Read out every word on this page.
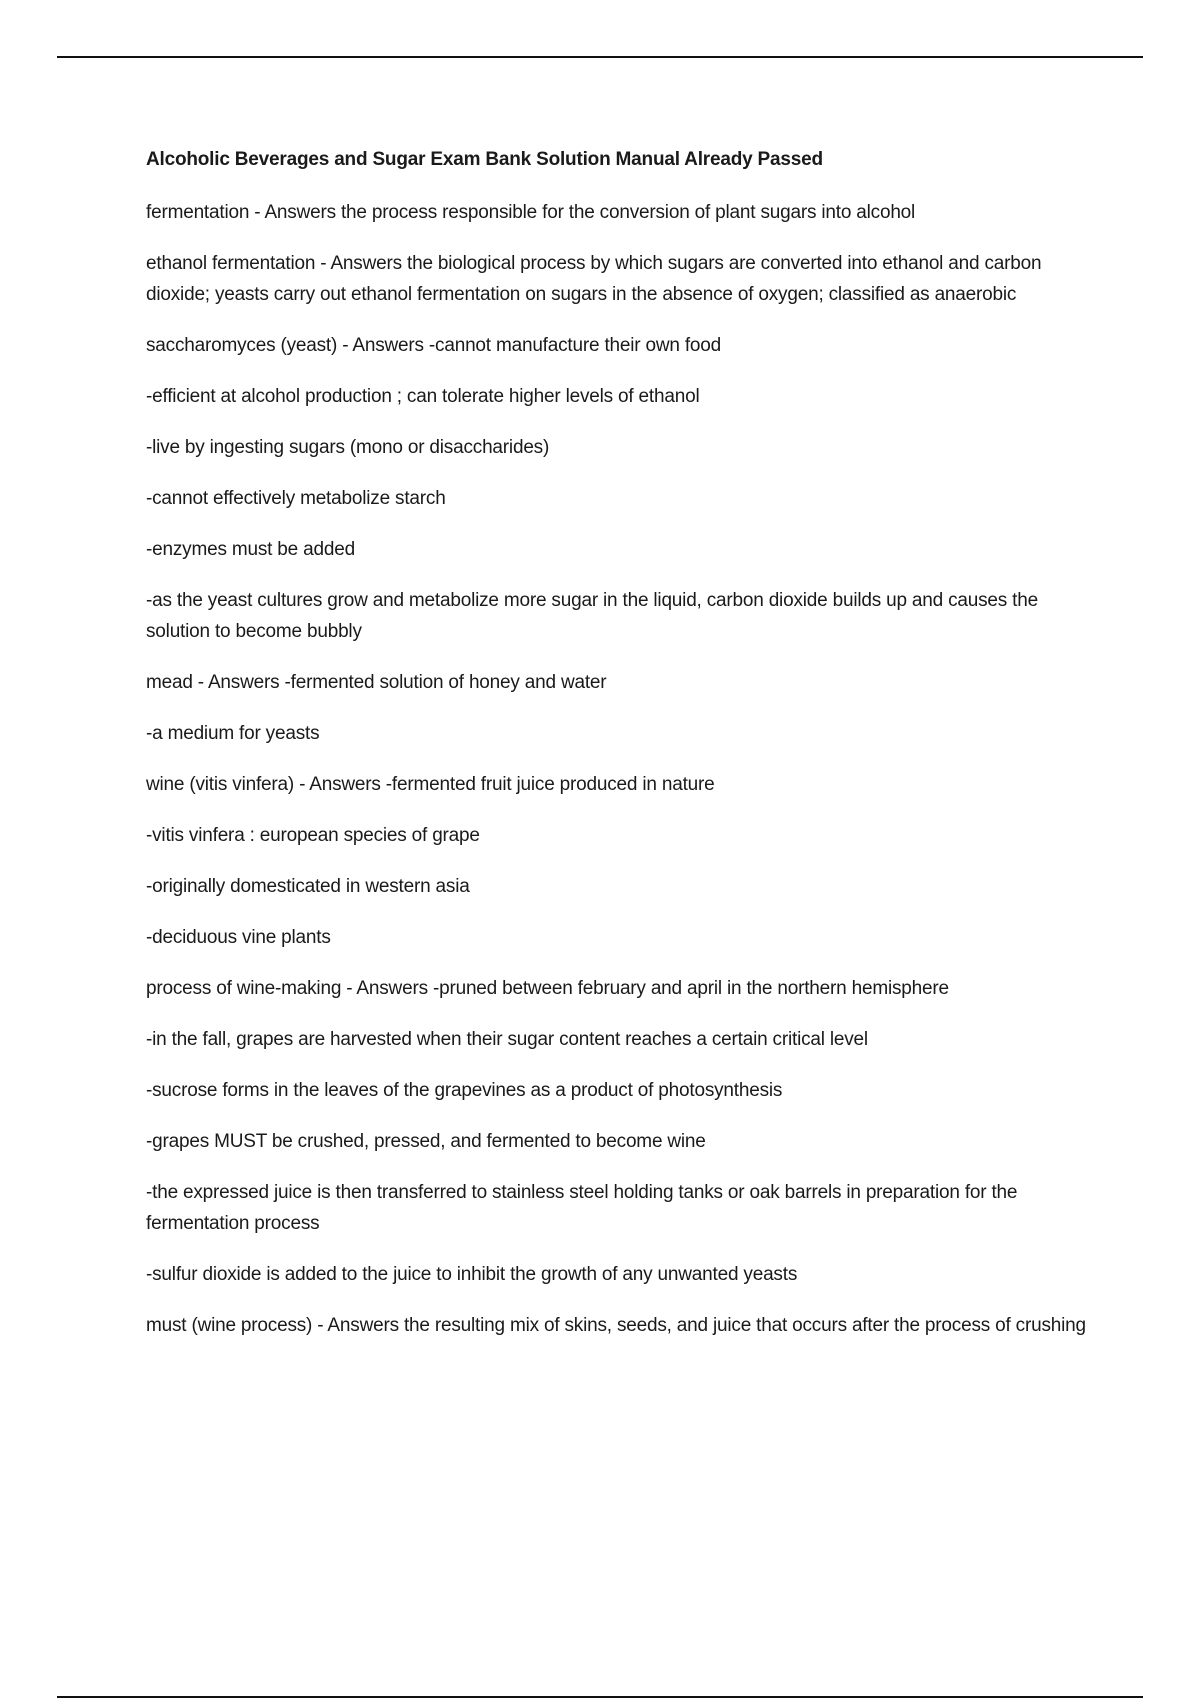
Alcoholic Beverages and Sugar Exam Bank Solution Manual Already Passed

fermentation - Answers the process responsible for the conversion of plant sugars into alcohol

ethanol fermentation - Answers the biological process by which sugars are converted into ethanol and carbon dioxide; yeasts carry out ethanol fermentation on sugars in the absence of oxygen; classified as anaerobic

saccharomyces (yeast) - Answers -cannot manufacture their own food

-efficient at alcohol production ; can tolerate higher levels of ethanol

-live by ingesting sugars (mono or disaccharides)

-cannot effectively metabolize starch

-enzymes must be added

-as the yeast cultures grow and metabolize more sugar in the liquid, carbon dioxide builds up and causes the solution to become bubbly

mead - Answers -fermented solution of honey and water

-a medium for yeasts

wine (vitis vinfera) - Answers -fermented fruit juice produced in nature

-vitis vinfera : european species of grape

-originally domesticated in western asia

-deciduous vine plants

process of wine-making - Answers -pruned between february and april in the northern hemisphere

-in the fall, grapes are harvested when their sugar content reaches a certain critical level

-sucrose forms in the leaves of the grapevines as a product of photosynthesis

-grapes MUST be crushed, pressed, and fermented to become wine

-the expressed juice is then transferred to stainless steel holding tanks or oak barrels in preparation for the fermentation process

-sulfur dioxide is added to the juice to inhibit the growth of any unwanted yeasts

must (wine process) - Answers the resulting mix of skins, seeds, and juice that occurs after the process of crushing
